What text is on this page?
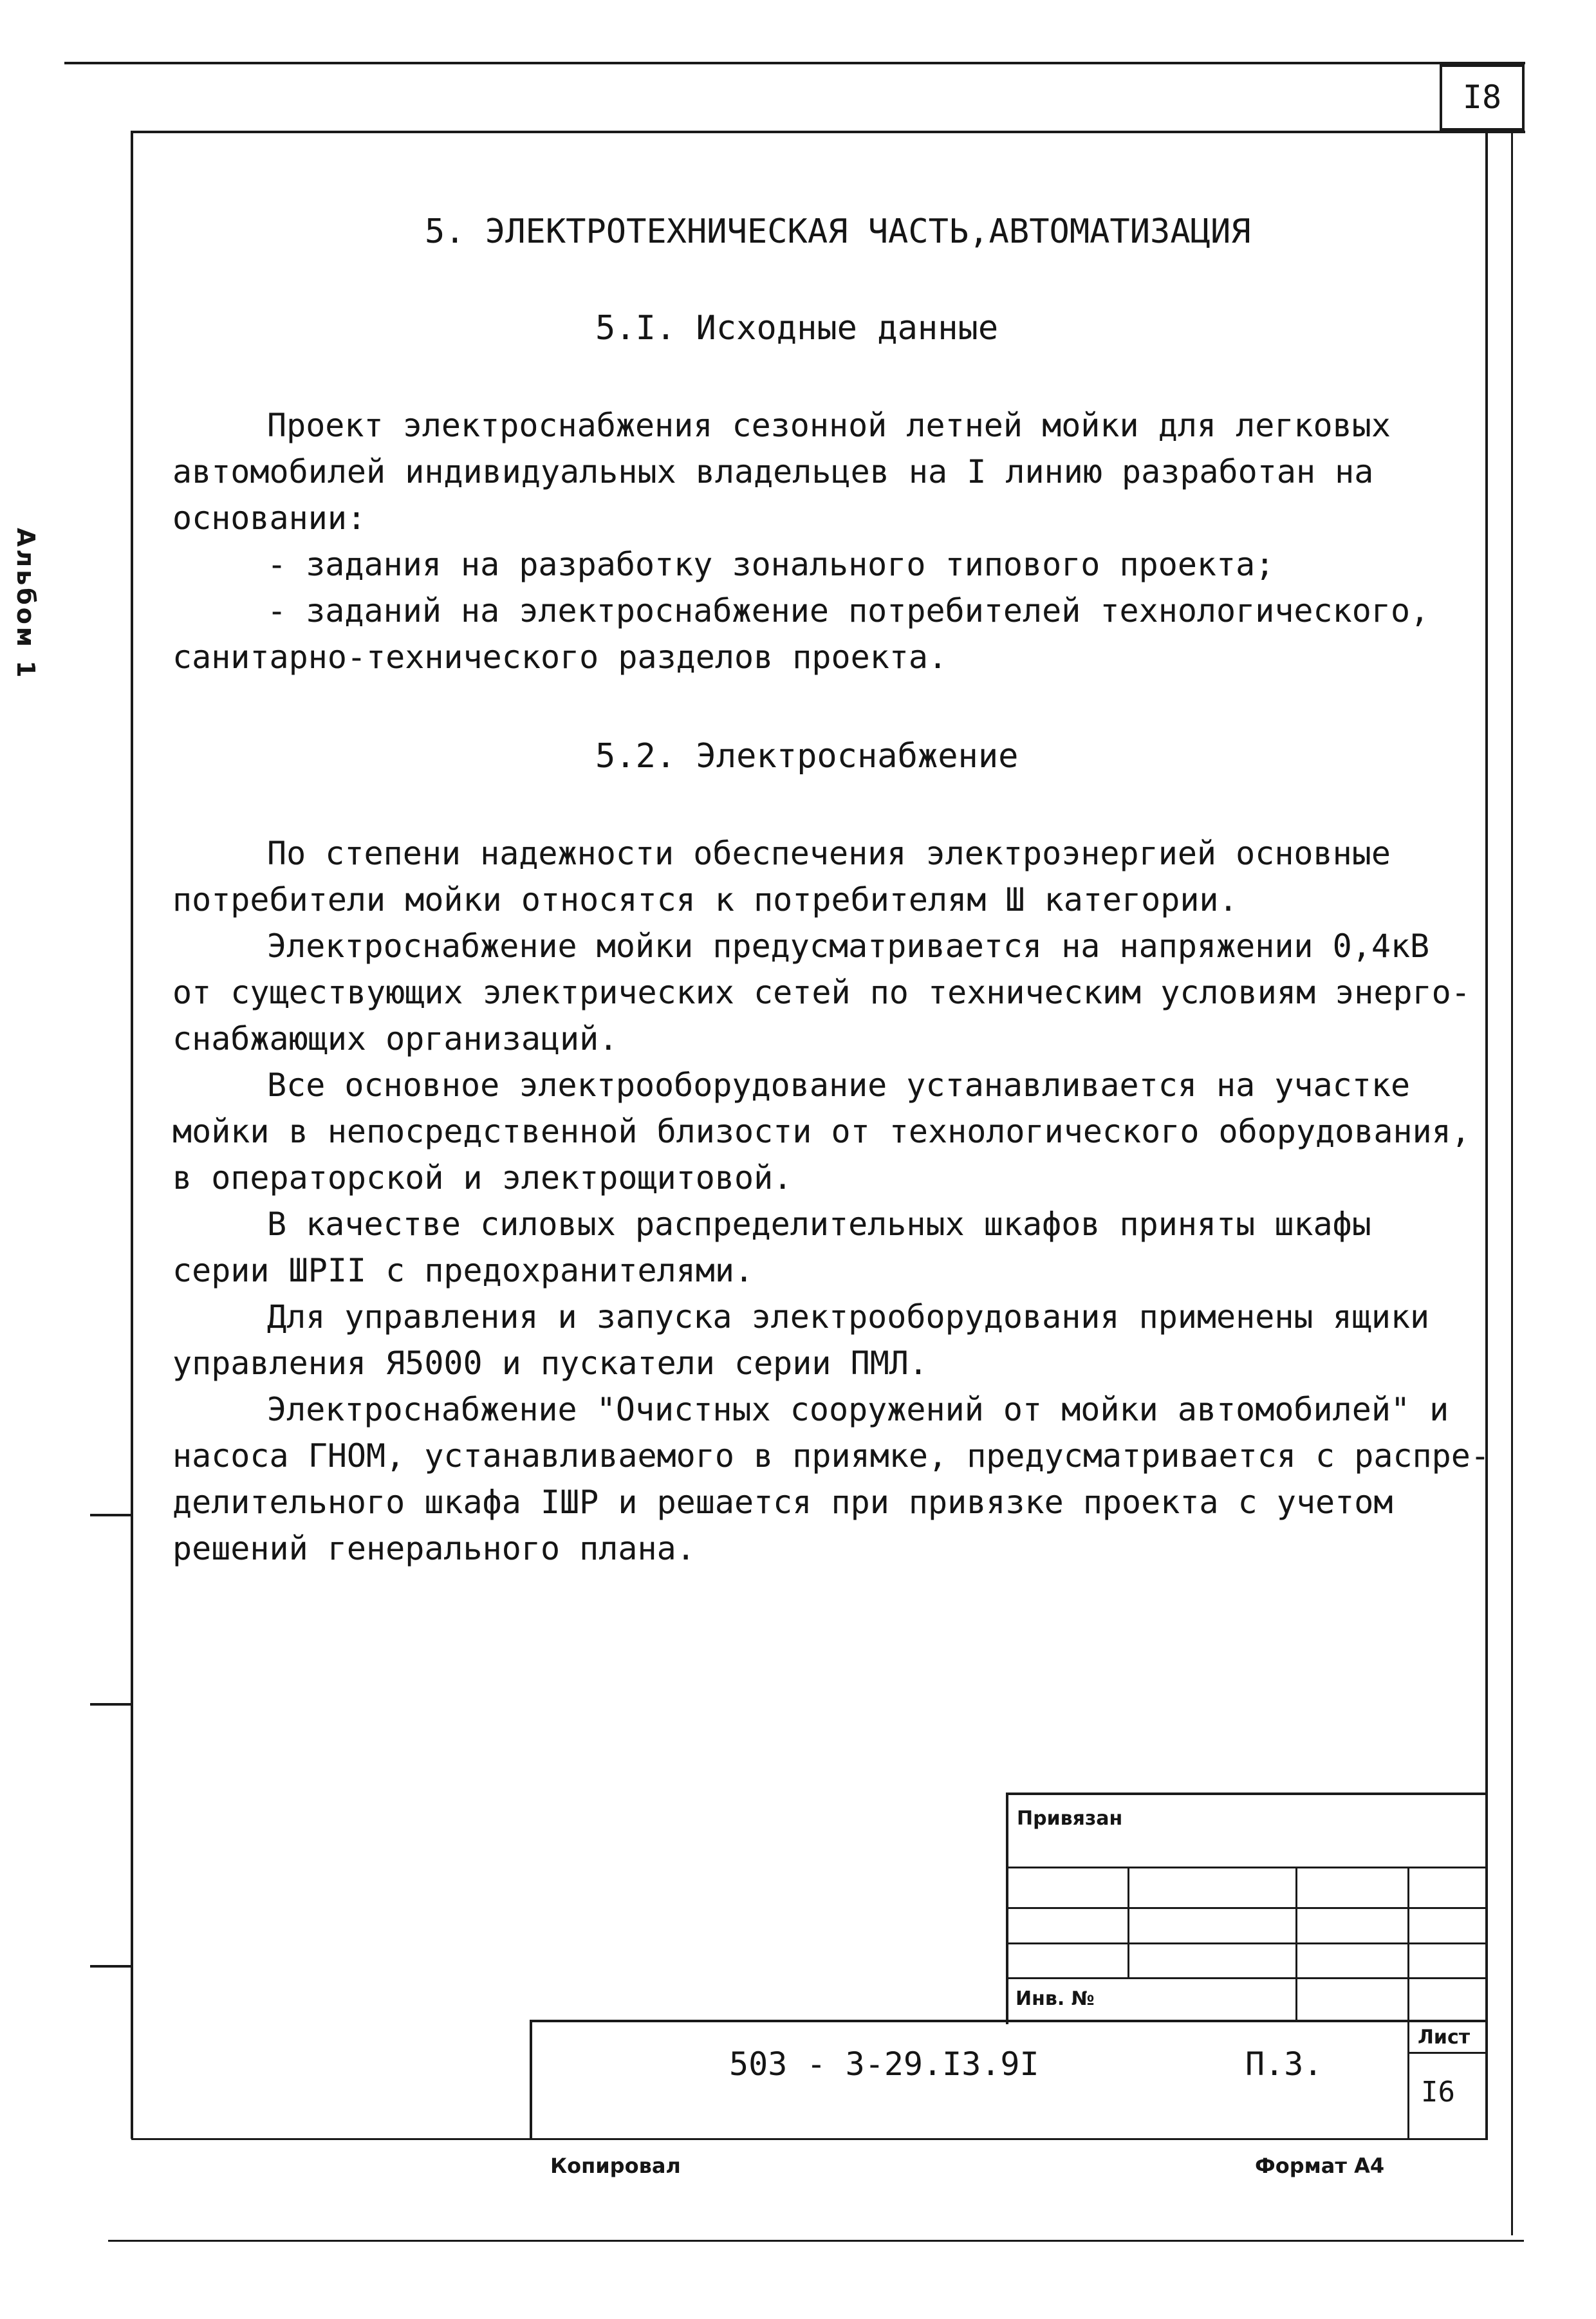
I8
Альбом 1
5. ЭЛЕКТРОТЕХНИЧЕСКАЯ ЧАСТЬ,АВТОМАТИЗАЦИЯ
5.I. Исходные данные
Проект электроснабжения сезонной летней мойки для легковых
автомобилей индивидуальных владельцев на I линию разработан на
основании:
- задания на разработку зонального типового проекта;
- заданий на электроснабжение потребителей технологического,
санитарно-технического разделов проекта.
5.2. Электроснабжение
По степени надежности обеспечения электроэнергией основные
потребители мойки относятся к потребителям Ш категории.
Электроснабжение мойки предусматривается на напряжении 0,4кВ
от существующих электрических сетей по техническим условиям энерго-
снабжающих организаций.
Все основное электрооборудование устанавливается на участке
мойки в непосредственной близости от технологического оборудования,
в операторской и электрощитовой.
В качестве силовых распределительных шкафов приняты шкафы
серии ШРII с предохранителями.
Для управления и запуска электрооборудования применены ящики
управления Я5000 и пускатели серии ПМЛ.
Электроснабжение "Очистных сооружений от мойки автомобилей" и
насоса ГНОМ, устанавливаемого в приямке, предусматривается с распре-
делительного шкафа IШР и решается при привязке проекта с учетом
решений генерального плана.
Привязан
Инв. №
503 - 3-29.I3.9I	П.3.
Лист
I6
Копировал	Формат А4
